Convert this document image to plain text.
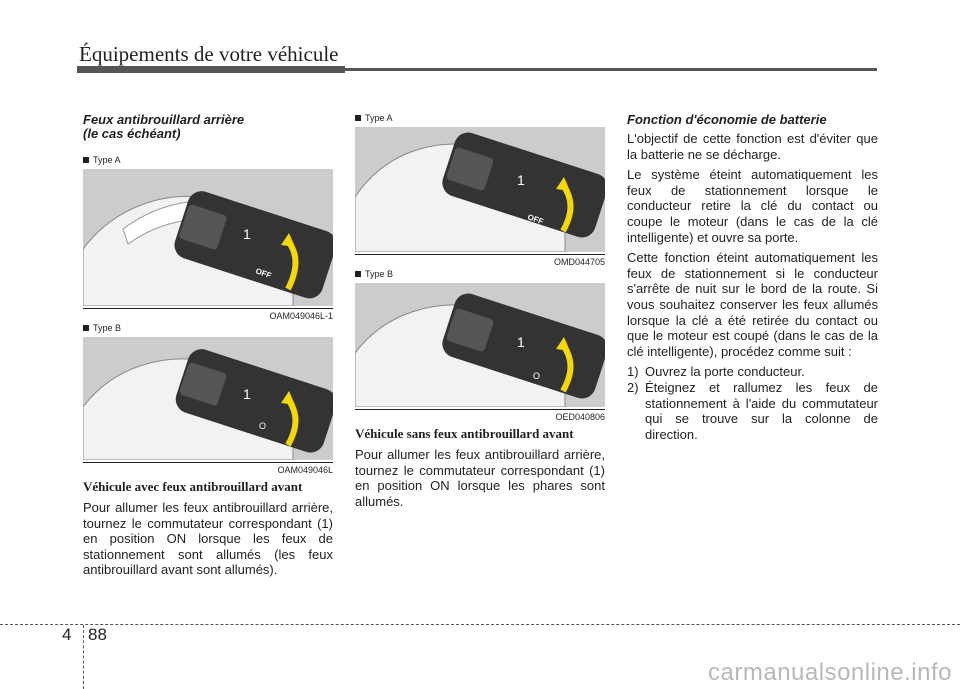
Équipements de votre véhicule

Feux antibrouillard arrière
(le cas échéant)

Type A
1
OFF
OAM049046L-1
Type B
1
O
OAM049046L

Véhicule avec feux antibrouillard avant

Pour allumer les feux antibrouillard arrière, tournez le commutateur correspondant (1) en position ON lorsque les feux de stationnement sont allumés (les feux antibrouillard avant sont allumés).

Type A
1
OFF
OMD044705
Type B
1
O
OED040806

Véhicule sans feux antibrouillard avant

Pour allumer les feux antibrouillard arrière, tournez le commutateur correspondant (1) en position ON lorsque les phares sont allumés.

Fonction d'économie de batterie

L'objectif de cette fonction est d'éviter que la batterie ne se décharge.

Le système éteint automatiquement les feux de stationnement lorsque le conducteur retire la clé du contact ou coupe le moteur (dans le cas de la clé intelligente) et ouvre sa porte.

Cette fonction éteint automatiquement les feux de stationnement si le conducteur s'arrête de nuit sur le bord de la route. Si vous souhaitez conserver les feux allumés lorsque la clé a été retirée du contact ou que le moteur est coupé (dans le cas de la clé intelligente), procédez comme suit :

1) Ouvrez la porte conducteur.
2) Éteignez et rallumez les feux de stationnement à l'aide du commutateur qui se trouve sur la colonne de direction.
4 88
carmanualsonline.info
